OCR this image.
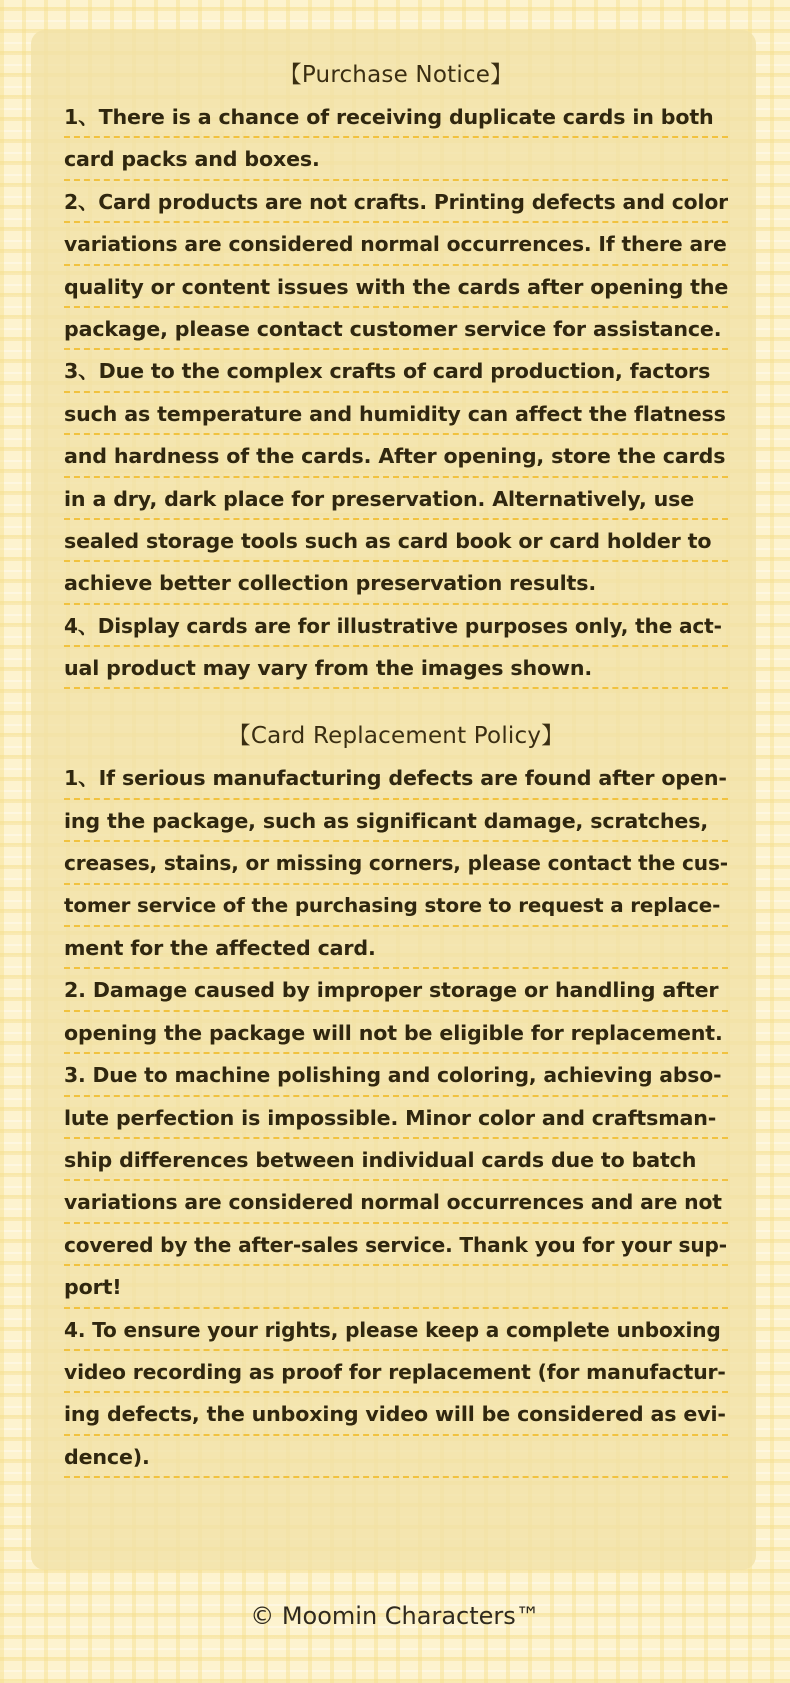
【Purchase Notice】
1、There is a chance of receiving duplicate cards in both
card packs and boxes.
2、Card products are not crafts. Printing defects and color
variations are considered normal occurrences. If there are
quality or content issues with the cards after opening the
package, please contact customer service for assistance.
3、Due to the complex crafts of card production, factors
such as temperature and humidity can affect the flatness
and hardness of the cards. After opening, store the cards
in a dry, dark place for preservation. Alternatively, use
sealed storage tools such as card book or card holder to
achieve better collection preservation results.
4、Display cards are for illustrative purposes only, the act-
ual product may vary from the images shown.
【Card Replacement Policy】
1、If serious manufacturing defects are found after open-
ing the package, such as significant damage, scratches,
creases, stains, or missing corners, please contact the cus-
tomer service of the purchasing store to request a replace-
ment for the affected card.
2. Damage caused by improper storage or handling after
opening the package will not be eligible for replacement.
3. Due to machine polishing and coloring, achieving abso-
lute perfection is impossible. Minor color and craftsman-
ship differences between individual cards due to batch
variations are considered normal occurrences and are not
covered by the after-sales service. Thank you for your sup-
port!
4. To ensure your rights, please keep a complete unboxing
video recording as proof for replacement (for manufactur-
ing defects, the unboxing video will be considered as evi-
dence).
© Moomin Characters™
